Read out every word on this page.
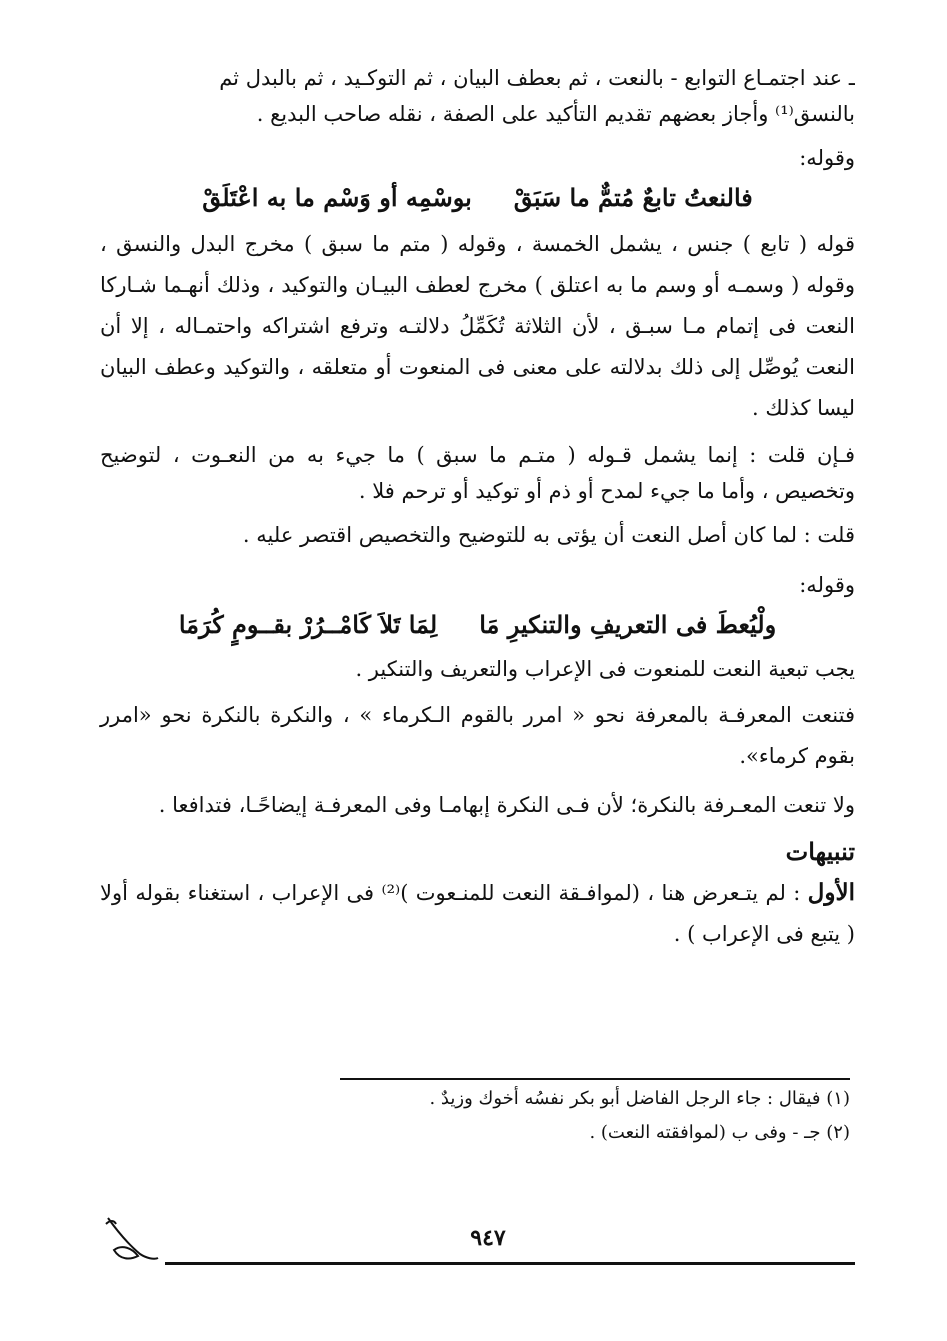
ـ عند اجتمـاع التوابع - بالنعت ، ثم بعطف البيان ، ثم التوكـيد ، ثم بالبدل ثم
بالنسق⁽¹⁾ وأجاز بعضهم تقديم التأكيد على الصفة ، نقله صاحب البديع .
وقوله:
فالنعتُ تابعٌ مُتمٌّ ما سَبَقْ
بوسْمِه أو وَسْم ما به اعْتَلَقْ

قوله ( تابع ) جنس ، يشمل الخمسة ، وقوله ( متم ما سبق ) مخرج البدل والنسق ، وقوله ( وسمـه أو وسم ما به اعتلق ) مخرج لعطف البيـان والتوكيد ، وذلك أنهـما شـاركا النعت فى إتمام مـا سبـق ، لأن الثلاثة تُكَمِّلُ دلالتـه وترفع اشتراكه واحتمـاله ، إلا أن النعت يُوصِّل إلى ذلك بدلالته على معنى فى المنعوت أو متعلقه ، والتوكيد وعطف البيان ليسا كذلك .

فـإن قلت : إنما يشمل قـوله ( متـم ما سبق ) ما جيء به من النعـوت ، لتوضيح وتخصيص ، وأما ما جيء لمدح أو ذم أو توكيد أو ترحم فلا .

قلت : لما كان أصل النعت أن يؤتى به للتوضيح والتخصيص اقتصر عليه .

وقوله:
ولْيُعطَ فى التعريفِ والتنكيرِ مَا
لِمَا تَلاَ كَامْــرُرْ بقــومٍ كُرَمَا

يجب تبعية النعت للمنعوت فى الإعراب والتعريف والتنكير .

فتنعت المعرفـة بالمعرفة نحو « امرر بالقوم الـكرماء » ، والنكرة بالنكرة نحو «امرر بقوم كرماء».

ولا تنعت المعـرفة بالنكرة؛ لأن فـى النكرة إبهامـا وفى المعرفـة إيضاحًـا، فتدافعا .

تنبيهات

الأول : لم يتـعرض هنا ، (لموافـقة النعت للمنـعوت )⁽²⁾ فى الإعراب ، استغناء بقوله أولا ( يتبع فى الإعراب ) .

(١) فيقال : جاء الرجل الفاضل أبو بكر نفسُه أخوك وزيدٌ .
(٢) جـ - وفى ب (لموافقته النعت) .
٩٤٧
